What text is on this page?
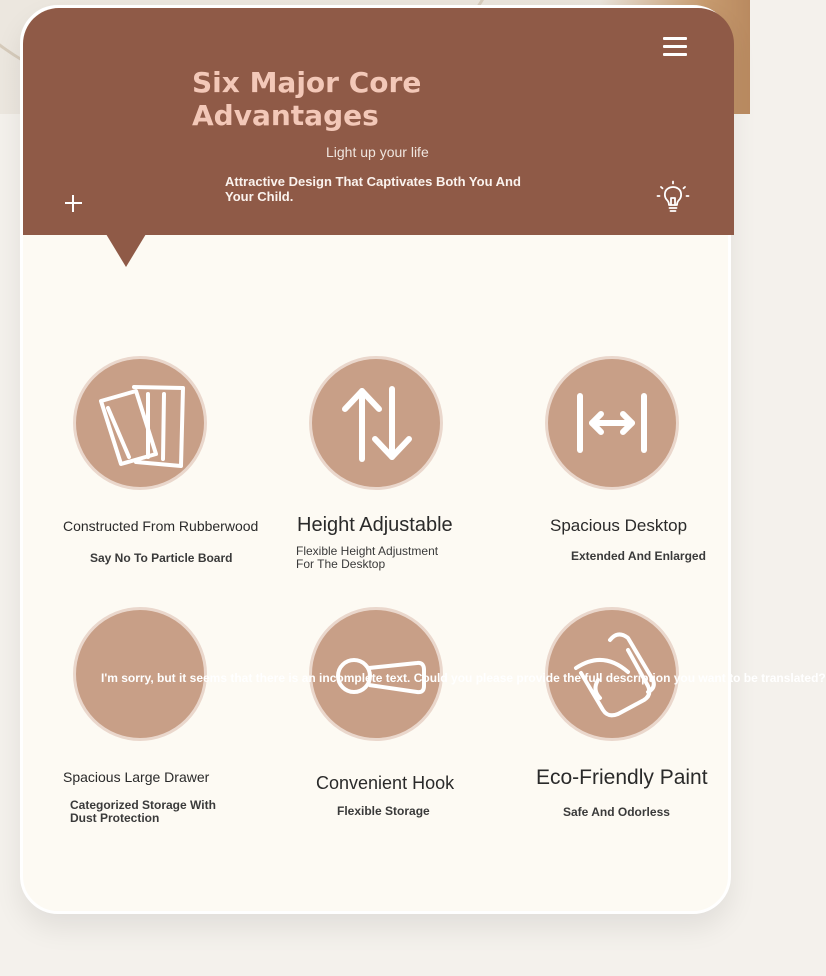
Six Major Core Advantages
Light up your life
Attractive Design That Captivates Both You And Your Child.
Constructed From Rubberwood
Say No To Particle Board
Height Adjustable
Flexible Height Adjustment For The Desktop
Spacious Desktop
Extended And Enlarged
Spacious Large Drawer
Categorized Storage With Dust Protection
Convenient Hook
Flexible Storage
Eco-Friendly Paint
Safe And Odorless
I'm sorry, but it seems that there is an incomplete text. Could you please provide the full description you want to be translated?
